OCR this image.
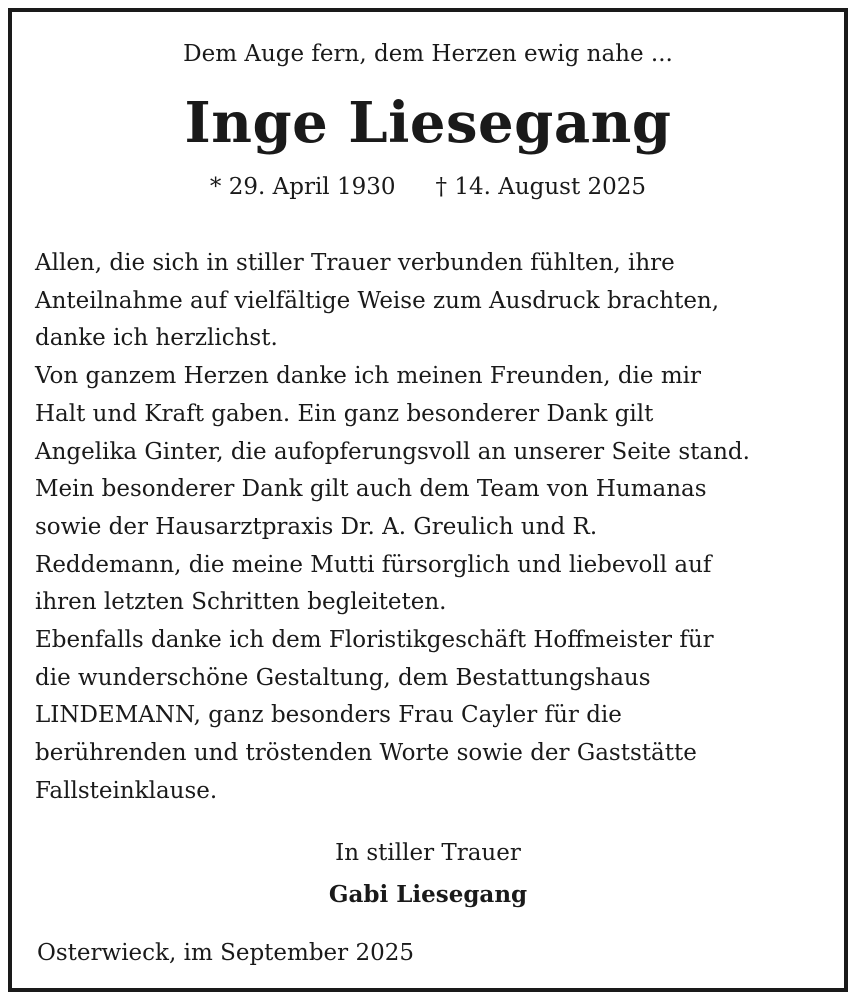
Dem Auge fern, dem Herzen ewig nahe ...
Inge Liesegang
* 29. April 1930 † 14. August 2025
Allen, die sich in stiller Trauer verbunden fühlten, ihre
Anteilnahme auf vielfältige Weise zum Ausdruck brachten,
danke ich herzlichst.
Von ganzem Herzen danke ich meinen Freunden, die mir
Halt und Kraft gaben. Ein ganz besonderer Dank gilt
Angelika Ginter, die aufopferungsvoll an unserer Seite stand.
Mein besonderer Dank gilt auch dem Team von Humanas
sowie der Hausarztpraxis Dr. A. Greulich und R.
Reddemann, die meine Mutti fürsorglich und liebevoll auf
ihren letzten Schritten begleiteten.
Ebenfalls danke ich dem Floristikgeschäft Hoffmeister für
die wunderschöne Gestaltung, dem Bestattungshaus
LINDEMANN, ganz besonders Frau Cayler für die
berührenden und tröstenden Worte sowie der Gaststätte
Fallsteinklause.
In stiller Trauer
Gabi Liesegang
Osterwieck, im September 2025
